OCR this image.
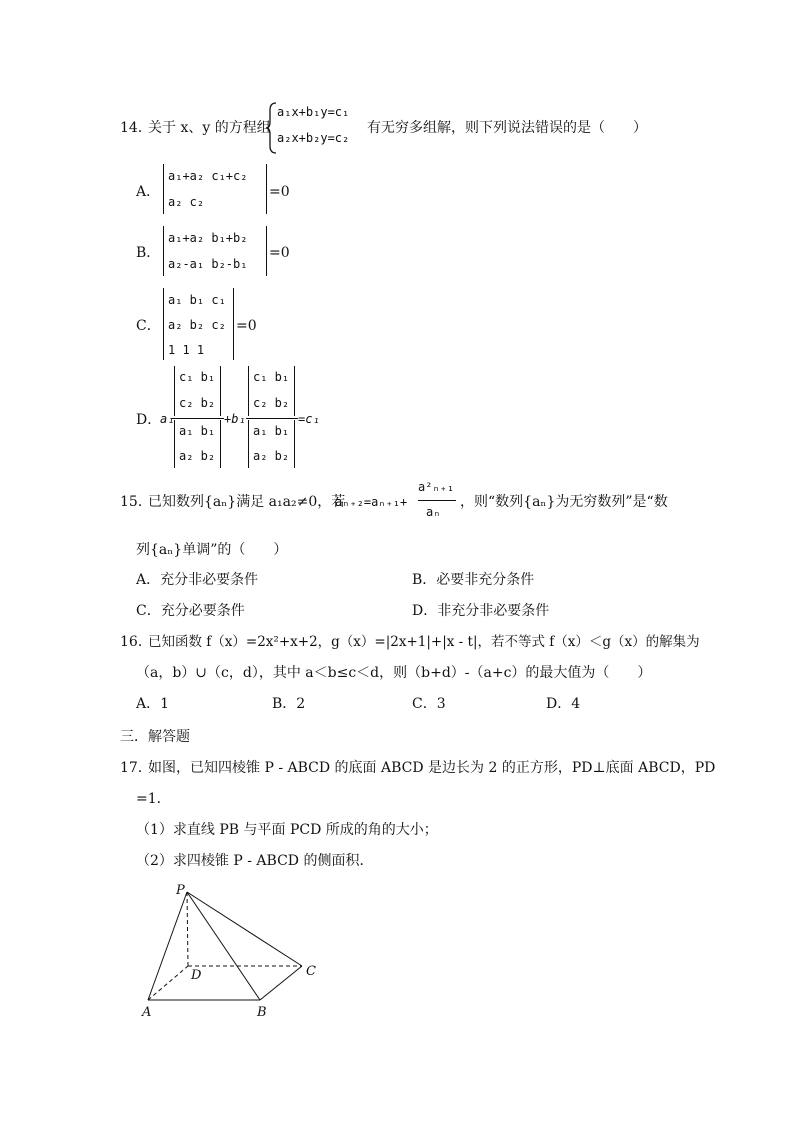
14．
关于 x、y 的方程组
a₁x+b₁y=c₁
a₂x+b₂y=c₂
有无穷多组解，则下列说法错误的是（　　）
A．
a₁+a₂ c₁+c₂
a₂ c₂
=0
B．
a₁+a₂ b₁+b₂
a₂-a₁ b₂-b₁
=0
C．
a₁ b₁ c₁
a₂ b₂ c₂
1 1 1
=0
D．
a₁
c₁ b₁
c₂ b₂
a₁ b₁
a₂ b₂
+b₁
c₁ b₁
c₂ b₂
a₁ b₁
a₂ b₂
=c₁
15．
已知数列{aₙ}满足 a₁a₂≠0，若
aₙ₊₂=aₙ₊₁+
a²ₙ₊₁
aₙ
，则“数列{aₙ}为无穷数列”是“数
列{aₙ}单调”的（　　）
A．充分非必要条件	B．必要非充分条件
C．充分必要条件	D．非充分非必要条件
16．
已知函数 f（x）=2x²+x+2，g（x）=|2x+1|+|x - t|，若不等式 f（x）＜g（x）的解集为
（a，b）∪（c，d），其中 a＜b≤c＜d，则（b+d）-（a+c）的最大值为（　　）
A．1	B．2	C．3	D．4
三．解答题
17．
如图，已知四棱锥 P - ABCD 的底面 ABCD 是边长为 2 的正方形，PD⊥底面 ABCD，PD
=1．
（1）求直线 PB 与平面 PCD 所成的角的大小；
（2）求四棱锥 P - ABCD 的侧面积．
P
D	C
A	B
